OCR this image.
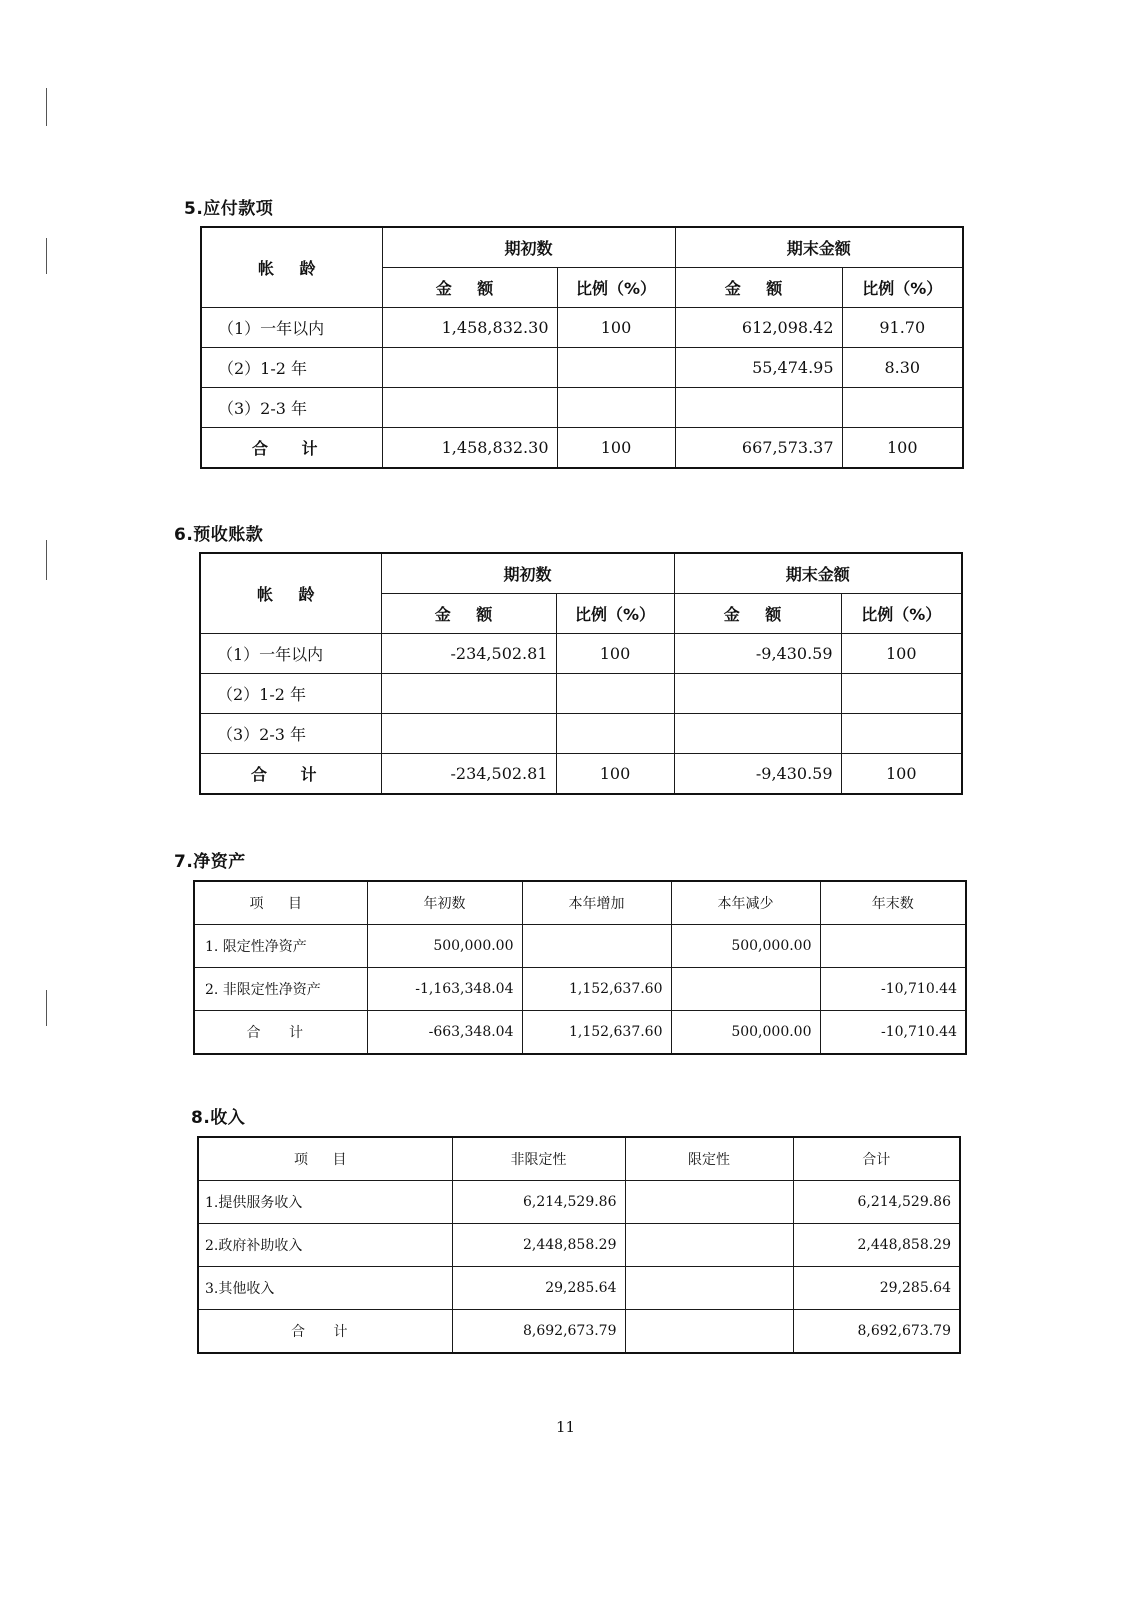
5.应付款项
帐 龄	期初数		期末金额	
	金 额	比例（%）	金 额	比例（%）
（1）一年以内	1,458,832.30	100	612,098.42	91.70
（2）1-2 年			55,474.95	8.30
（3）2-3 年				
合 计	1,458,832.30	100	667,573.37	100
6.预收账款
帐 龄	期初数		期末金额	
	金 额	比例（%）	金 额	比例（%）
（1）一年以内	-234,502.81	100	-9,430.59	100
（2）1-2 年				
（3）2-3 年				
合 计	-234,502.81	100	-9,430.59	100
7.净资产
项 目	年初数	本年增加	本年减少	年末数
1. 限定性净资产	500,000.00		500,000.00	
2. 非限定性净资产	-1,163,348.04	1,152,637.60		-10,710.44
合 计	-663,348.04	1,152,637.60	500,000.00	-10,710.44
8.收入
项 目	非限定性	限定性	合计
1.提供服务收入	6,214,529.86		6,214,529.86
2.政府补助收入	2,448,858.29		2,448,858.29
3.其他收入	29,285.64		29,285.64
合 计	8,692,673.79		8,692,673.79
11
